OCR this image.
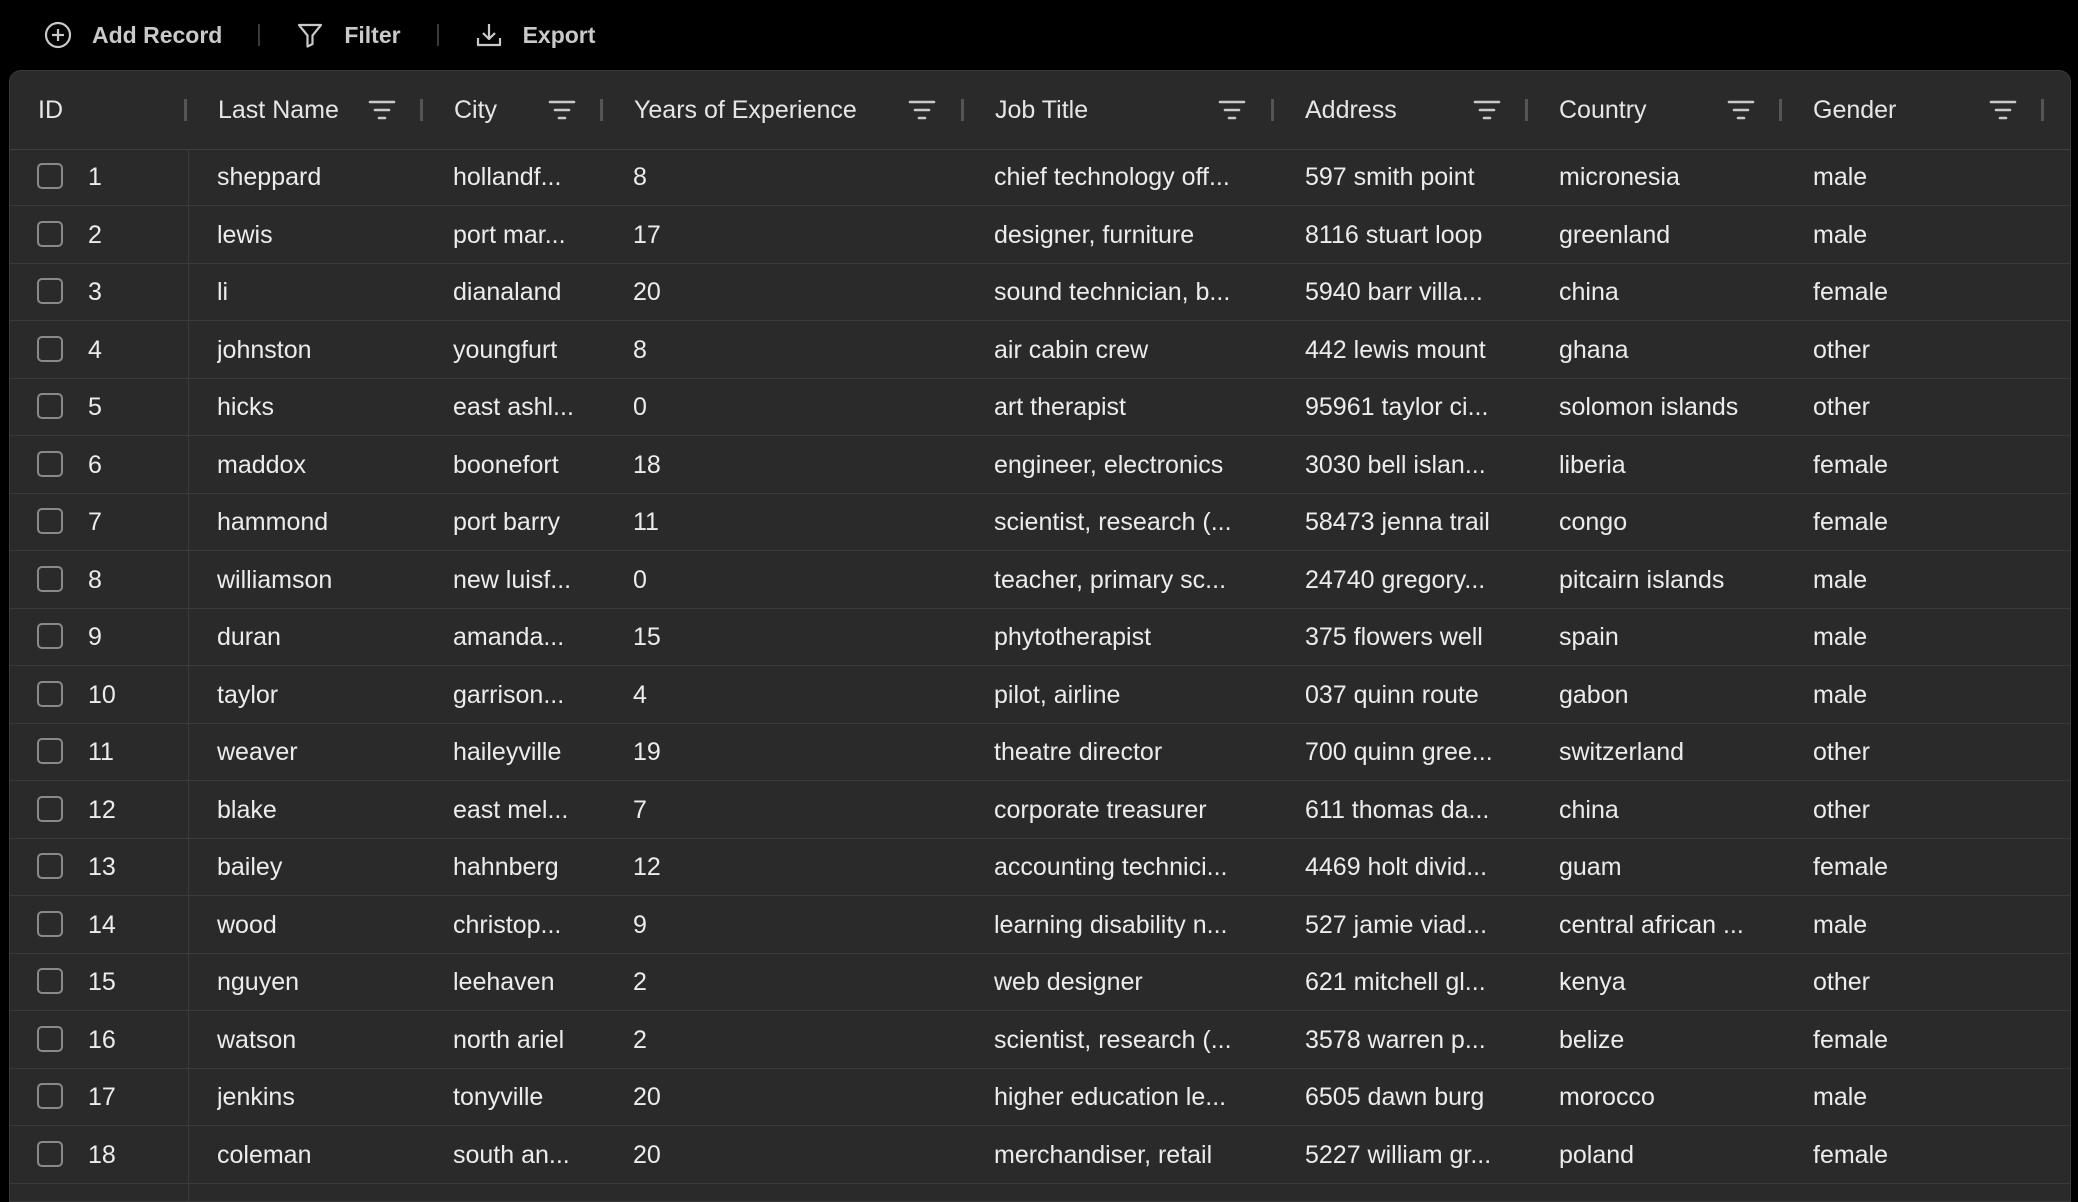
Add Record	Filter	Export
ID	Last Name	City	Years of Experience	Job Title	Address	Country	Gender
1	sheppard	hollandf...	8	chief technology off...	597 smith point	micronesia	male
2	lewis	port mar...	17	designer, furniture	8116 stuart loop	greenland	male
3	li	dianaland	20	sound technician, b...	5940 barr villa...	china	female
4	johnston	youngfurt	8	air cabin crew	442 lewis mount	ghana	other
5	hicks	east ashl...	0	art therapist	95961 taylor ci...	solomon islands	other
6	maddox	boonefort	18	engineer, electronics	3030 bell islan...	liberia	female
7	hammond	port barry	11	scientist, research (...	58473 jenna trail	congo	female
8	williamson	new luisf...	0	teacher, primary sc...	24740 gregory...	pitcairn islands	male
9	duran	amanda...	15	phytotherapist	375 flowers well	spain	male
10	taylor	garrison...	4	pilot, airline	037 quinn route	gabon	male
11	weaver	haileyville	19	theatre director	700 quinn gree...	switzerland	other
12	blake	east mel...	7	corporate treasurer	611 thomas da...	china	other
13	bailey	hahnberg	12	accounting technici...	4469 holt divid...	guam	female
14	wood	christop...	9	learning disability n...	527 jamie viad...	central african ...	male
15	nguyen	leehaven	2	web designer	621 mitchell gl...	kenya	other
16	watson	north ariel	2	scientist, research (...	3578 warren p...	belize	female
17	jenkins	tonyville	20	higher education le...	6505 dawn burg	morocco	male
18	coleman	south an...	20	merchandiser, retail	5227 william gr...	poland	female
